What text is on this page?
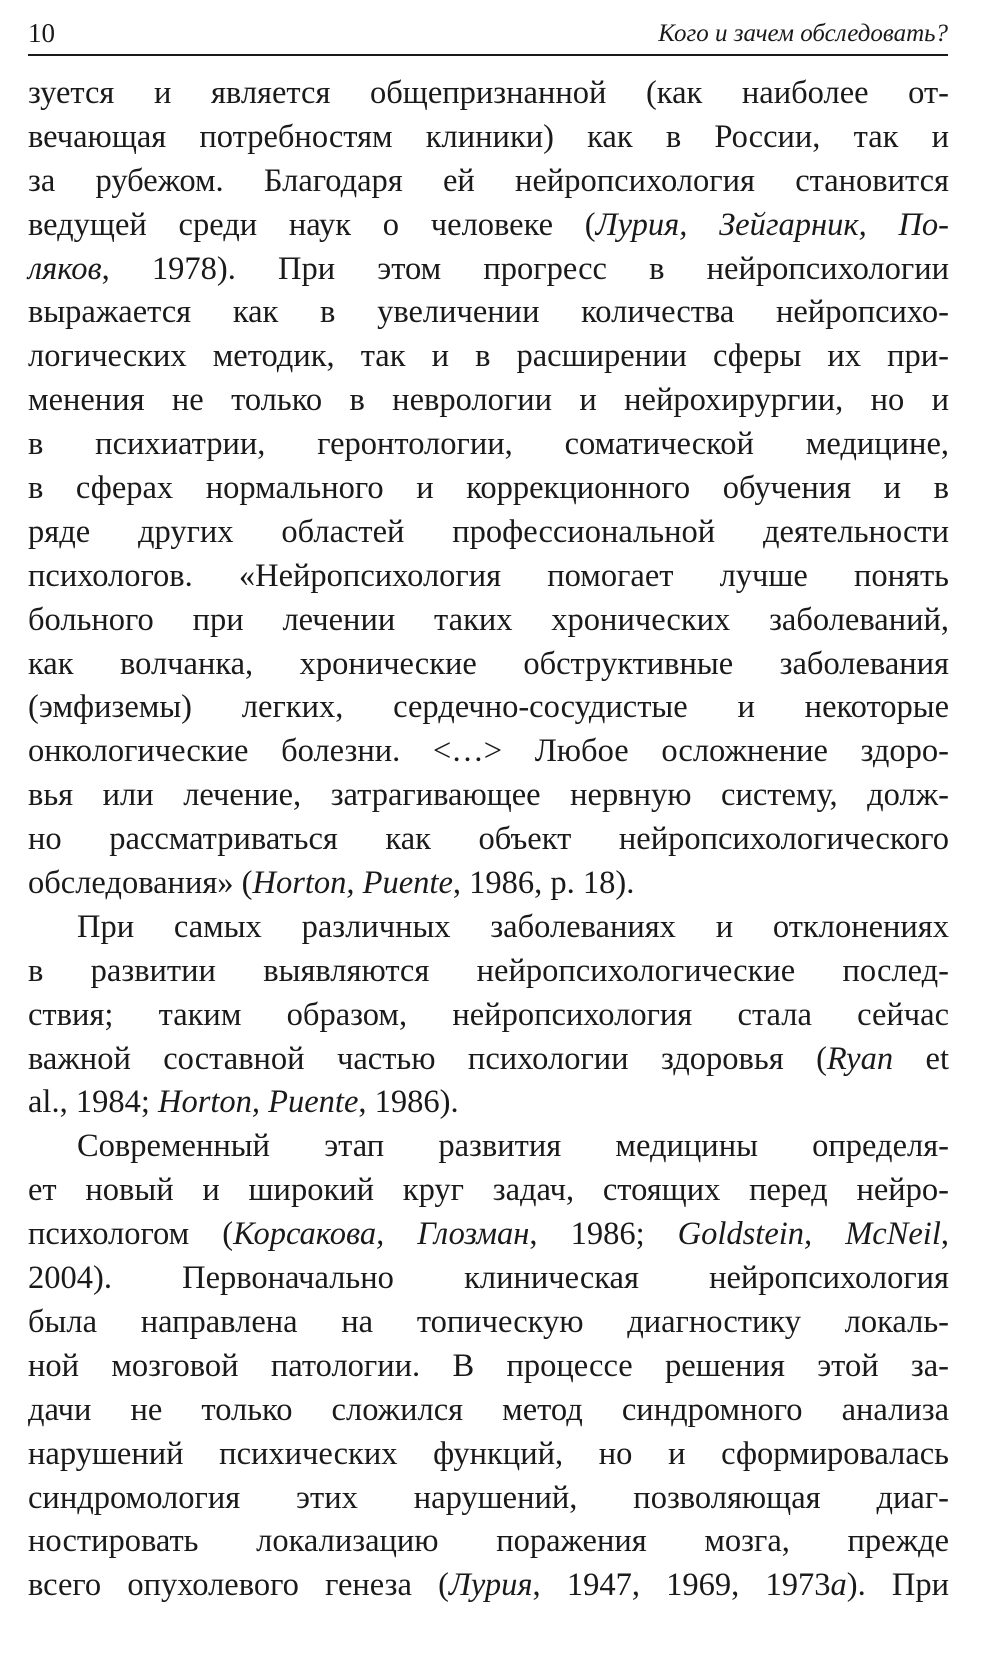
10	Кого и зачем обследовать?
зуется и является общепризнанной (как наиболее от-
вечающая потребностям клиники) как в России, так и
за рубежом. Благодаря ей нейропсихология становится
ведущей среди наук о человеке (Лурия, Зейгарник, По-
ляков, 1978). При этом прогресс в нейропсихологии
выражается как в увеличении количества нейропсихо-
логических методик, так и в расширении сферы их при-
менения не только в неврологии и нейрохирургии, но и
в психиатрии, геронтологии, соматической медицине,
в сферах нормального и коррекционного обучения и в
ряде других областей профессиональной деятельности
психологов. «Нейропсихология помогает лучше понять
больного при лечении таких хронических заболеваний,
как волчанка, хронические обструктивные заболевания
(эмфиземы) легких, сердечно-сосудистые и некоторые
онкологические болезни. <…> Любое осложнение здоро-
вья или лечение, затрагивающее нервную систему, долж-
но рассматриваться как объект нейропсихологического
обследования» (Horton, Puente, 1986, p. 18).
При самых различных заболеваниях и отклонениях
в развитии выявляются нейропсихологические послед-
ствия; таким образом, нейропсихология стала сейчас
важной составной частью психологии здоровья (Ryan et
al., 1984; Horton, Puente, 1986).
Современный этап развития медицины определя-
ет новый и широкий круг задач, стоящих перед нейро-
психологом (Корсакова, Глозман, 1986; Goldstein, McNeil,
2004). Первоначально клиническая нейропсихология
была направлена на топическую диагностику локаль-
ной мозговой патологии. В процессе решения этой за-
дачи не только сложился метод синдромного анализа
нарушений психических функций, но и сформировалась
синдромология этих нарушений, позволяющая диаг-
ностировать локализацию поражения мозга, прежде
всего опухолевого генеза (Лурия, 1947, 1969, 1973а). При
